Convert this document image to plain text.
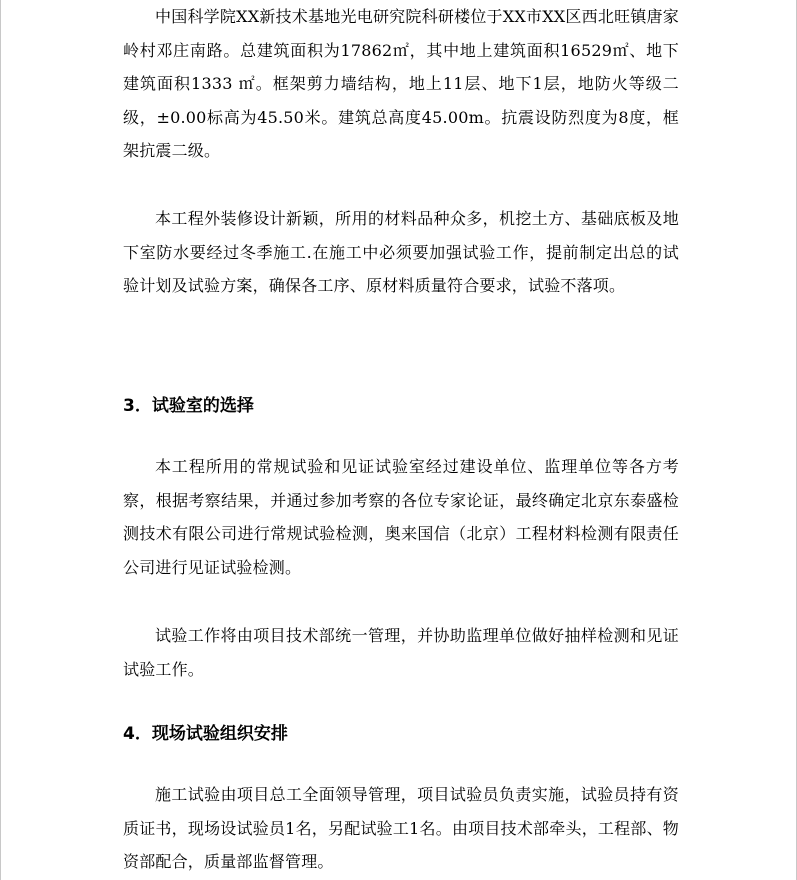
中国科学院XX新技术基地光电研究院科研楼位于XX市XX区西北旺镇唐家岭村邓庄南路。总建筑面积为17862㎡，其中地上建筑面积16529㎡、地下建筑面积1333 ㎡。框架剪力墙结构，地上11层、地下1层，地防火等级二级，±0.00标高为45.50米。建筑总高度45.00m。抗震设防烈度为8度，框架抗震二级。

本工程外装修设计新颖，所用的材料品种众多，机挖土方、基础底板及地下室防水要经过冬季施工.在施工中必须要加强试验工作，提前制定出总的试验计划及试验方案，确保各工序、原材料质量符合要求，试验不落项。

3．试验室的选择

本工程所用的常规试验和见证试验室经过建设单位、监理单位等各方考察，根据考察结果，并通过参加考察的各位专家论证，最终确定北京东泰盛检测技术有限公司进行常规试验检测，奥来国信（北京）工程材料检测有限责任公司进行见证试验检测。

试验工作将由项目技术部统一管理，并协助监理单位做好抽样检测和见证试验工作。

4．现场试验组织安排

施工试验由项目总工全面领导管理，项目试验员负责实施，试验员持有资质证书，现场设试验员1名，另配试验工1名。由项目技术部牵头，工程部、物资部配合，质量部监督管理。
